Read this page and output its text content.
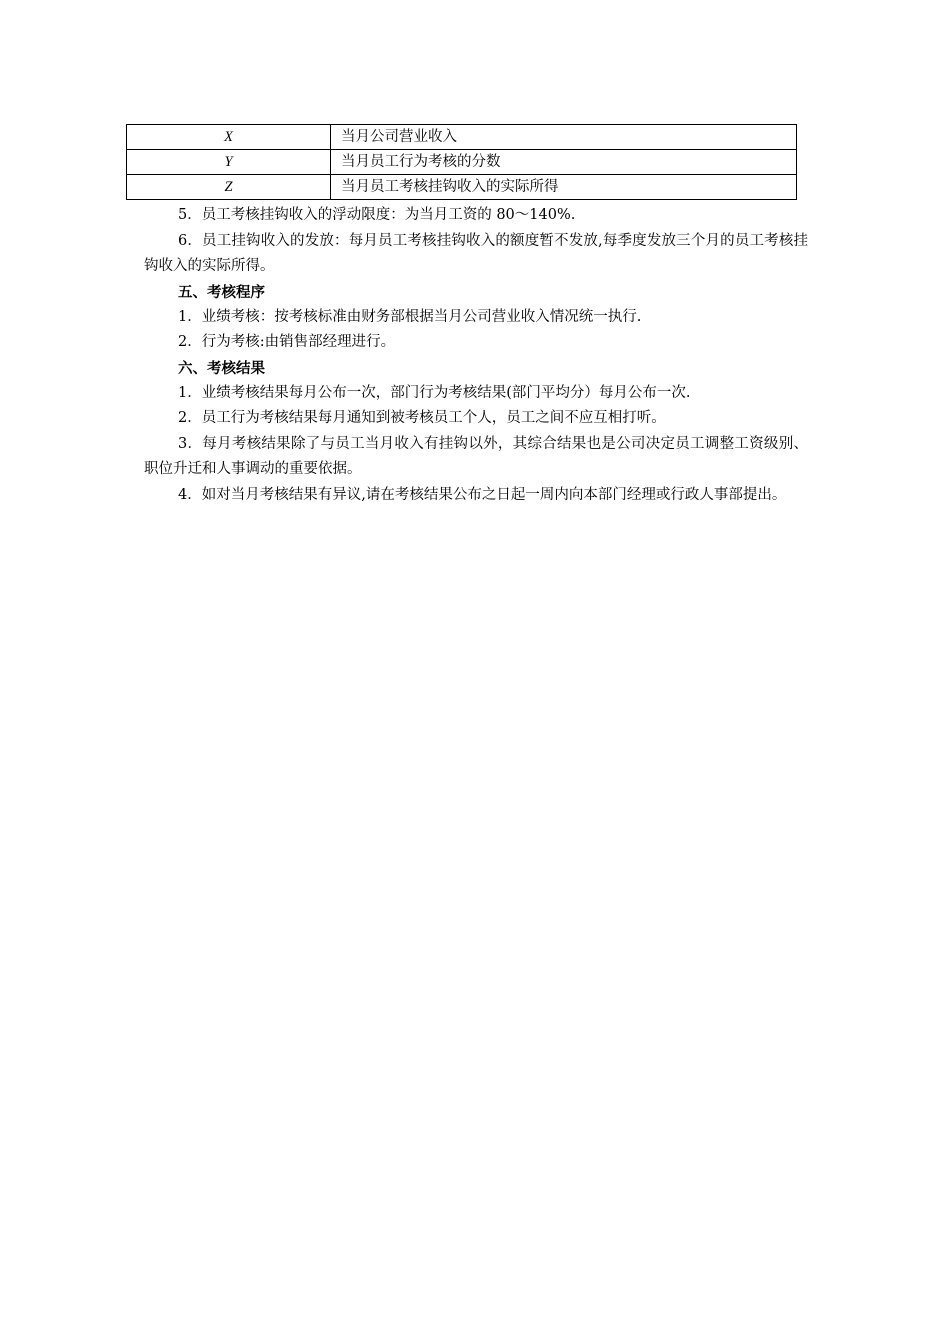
X	当月公司营业收入
Y	当月员工行为考核的分数
Z	当月员工考核挂钩收入的实际所得

5．员工考核挂钩收入的浮动限度：为当月工资的 80～140%.

6．员工挂钩收入的发放：每月员工考核挂钩收入的额度暂不发放,每季度发放三个月的员工考核挂钩收入的实际所得。

五、考核程序

1．业绩考核：按考核标准由财务部根据当月公司营业收入情况统一执行.

2．行为考核:由销售部经理进行。

六、考核结果

1．业绩考核结果每月公布一次，部门行为考核结果(部门平均分）每月公布一次.

2．员工行为考核结果每月通知到被考核员工个人，员工之间不应互相打听。

3．每月考核结果除了与员工当月收入有挂钩以外，其综合结果也是公司决定员工调整工资级别、职位升迁和人事调动的重要依据。

4．如对当月考核结果有异议,请在考核结果公布之日起一周内向本部门经理或行政人事部提出。
